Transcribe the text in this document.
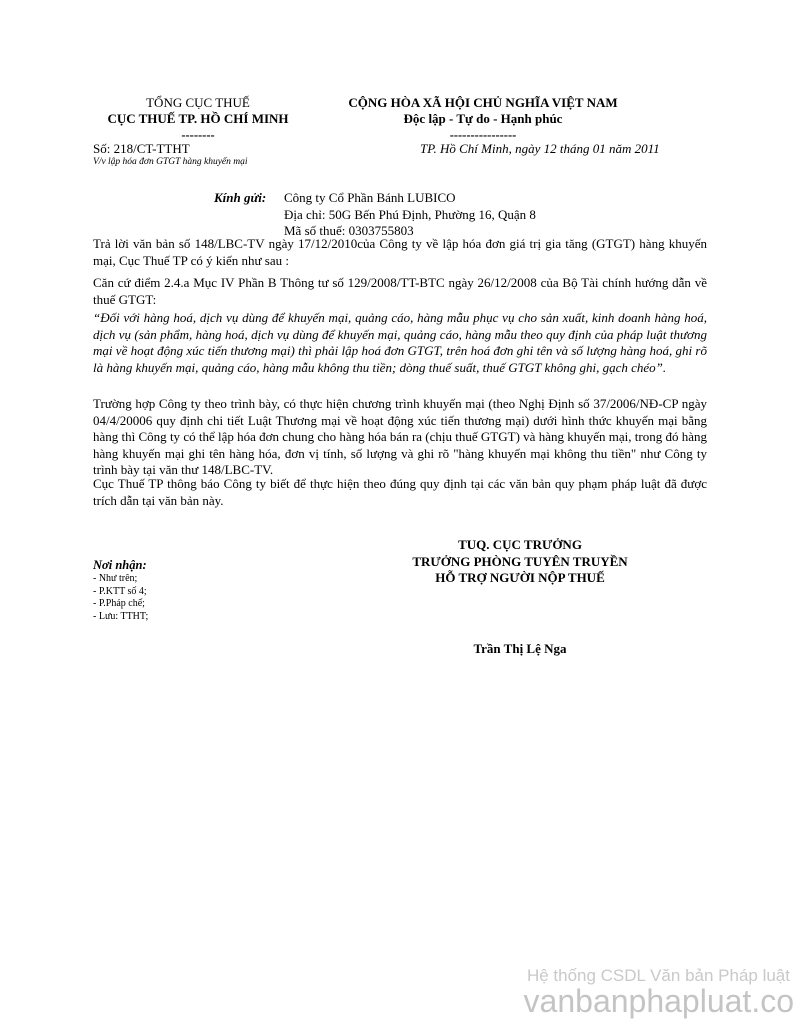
TỔNG CỤC THUẾ
CỤC THUẾ TP. HỒ CHÍ MINH
--------
Số: 218/CT-TTHT
V/v lập hóa đơn GTGT hàng khuyến mại
CỘNG HÒA XÃ HỘI CHỦ NGHĨA VIỆT NAM
Độc lập - Tự do - Hạnh phúc
----------------
TP. Hồ Chí Minh, ngày 12 tháng 01 năm 2011
Kính gửi: Công ty Cổ Phần Bánh LUBICO
Địa chỉ: 50G Bến Phú Định, Phường 16, Quận 8
Mã số thuế: 0303755803
Trả lời văn bản số 148/LBC-TV ngày 17/12/2010của Công ty về lập hóa đơn giá trị gia tăng (GTGT) hàng khuyến mại, Cục Thuế TP có ý kiến như sau :
Căn cứ điểm 2.4.a Mục IV Phần B Thông tư số 129/2008/TT-BTC ngày 26/12/2008 của Bộ Tài chính hướng dẫn về thuế GTGT:
“Đối với hàng hoá, dịch vụ dùng để khuyến mại, quảng cáo, hàng mẫu phục vụ cho sản xuất, kinh doanh hàng hoá, dịch vụ (sản phẩm, hàng hoá, dịch vụ dùng để khuyến mại, quảng cáo, hàng mẫu theo quy định của pháp luật thương mại về hoạt động xúc tiến thương mại) thì phải lập hoá đơn GTGT, trên hoá đơn ghi tên và số lượng hàng hoá, ghi rõ là hàng khuyến mại, quảng cáo, hàng mẫu không thu tiền; dòng thuế suất, thuế GTGT không ghi, gạch chéo”.
Trường hợp Công ty theo trình bày, có thực hiện chương trình khuyến mại (theo Nghị Định số 37/2006/NĐ-CP ngày 04/4/20006 quy định chi tiết Luật Thương mại về hoạt động xúc tiến thương mại) dưới hình thức khuyến mại bằng hàng thì Công ty có thể lập hóa đơn chung cho hàng hóa bán ra (chịu thuế GTGT) và hàng khuyến mại, trong đó hàng hàng khuyến mại ghi tên hàng hóa, đơn vị tính, số lượng và ghi rõ "hàng khuyến mại không thu tiền" như Công ty trình bày tại văn thư 148/LBC-TV.
Cục Thuế TP thông báo Công ty biết để thực hiện theo đúng quy định tại các văn bản quy phạm pháp luật đã được trích dẫn tại văn bản này.
TUQ. CỤC TRƯỞNG
TRƯỞNG PHÒNG TUYÊN TRUYỀN
HỖ TRỢ NGƯỜI NỘP THUẾ
Trần Thị Lệ Nga
Nơi nhận:
- Như trên;
- P.KTT số 4;
- P.Pháp chế;
- Lưu: TTHT;
Hệ thống CSDL Văn bản Pháp luật
vanbanphapluat.co
